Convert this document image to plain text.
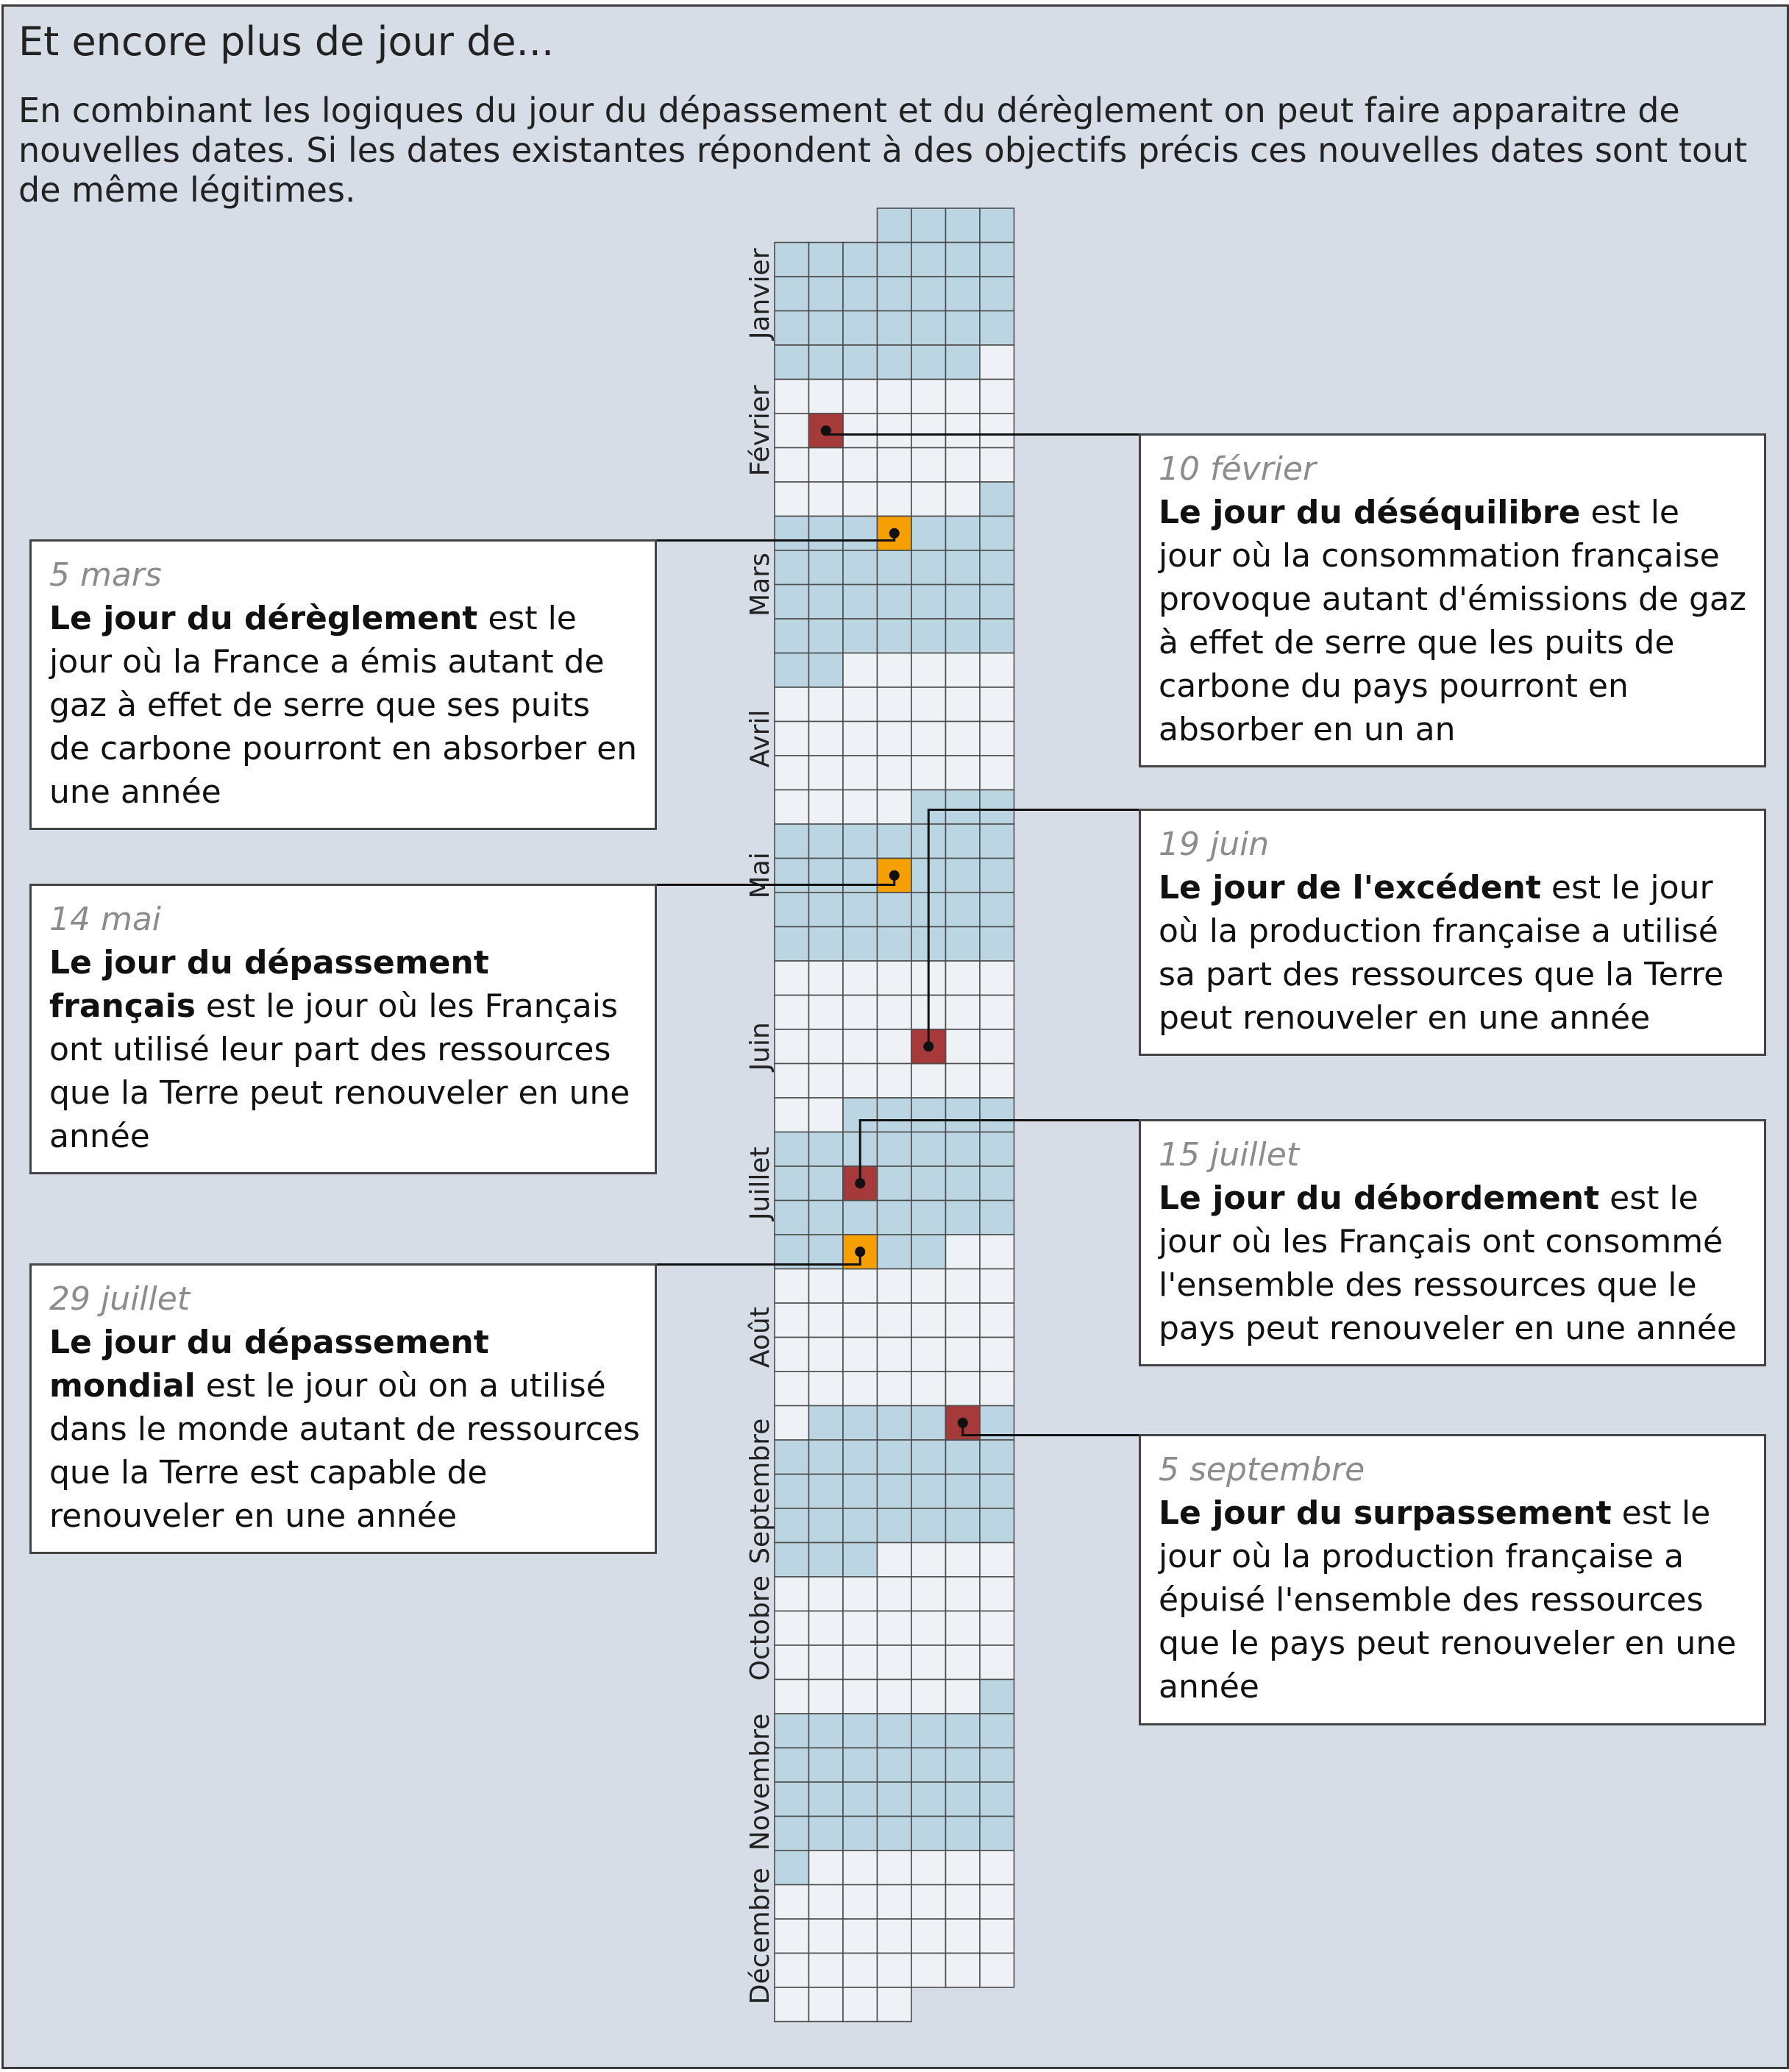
Et encore plus de jour de...
En combinant les logiques du jour du dépassement et du dérèglement on peut faire apparaitre de nouvelles dates. Si les dates existantes répondent à des objectifs précis ces nouvelles dates sont tout de même légitimes.
Janvier
Février
Mars
Avril
Mai
Juin
Juillet
Août
Septembre
Octobre
Novembre
Décembre
10 février
Le jour du déséquilibre est le jour où la consommation française provoque autant d'émissions de gaz à effet de serre que les puits de carbone du pays pourront en absorber en un an
5 mars
Le jour du dérèglement est le jour où la France a émis autant de gaz à effet de serre que ses puits de carbone pourront en absorber en une année
14 mai
Le jour du dépassement français est le jour où les Français ont utilisé leur part des ressources que la Terre peut renouveler en une année
19 juin
Le jour de l'excédent est le jour où la production française a utilisé sa part des ressources que la Terre peut renouveler en une année
15 juillet
Le jour du débordement est le jour où les Français ont consommé l'ensemble des ressources que le pays peut renouveler en une année
29 juillet
Le jour du dépassement mondial est le jour où on a utilisé dans le monde autant de ressources que la Terre est capable de renouveler en une année
5 septembre
Le jour du surpassement est le jour où la production française a épuisé l'ensemble des ressources que le pays peut renouveler en une année
